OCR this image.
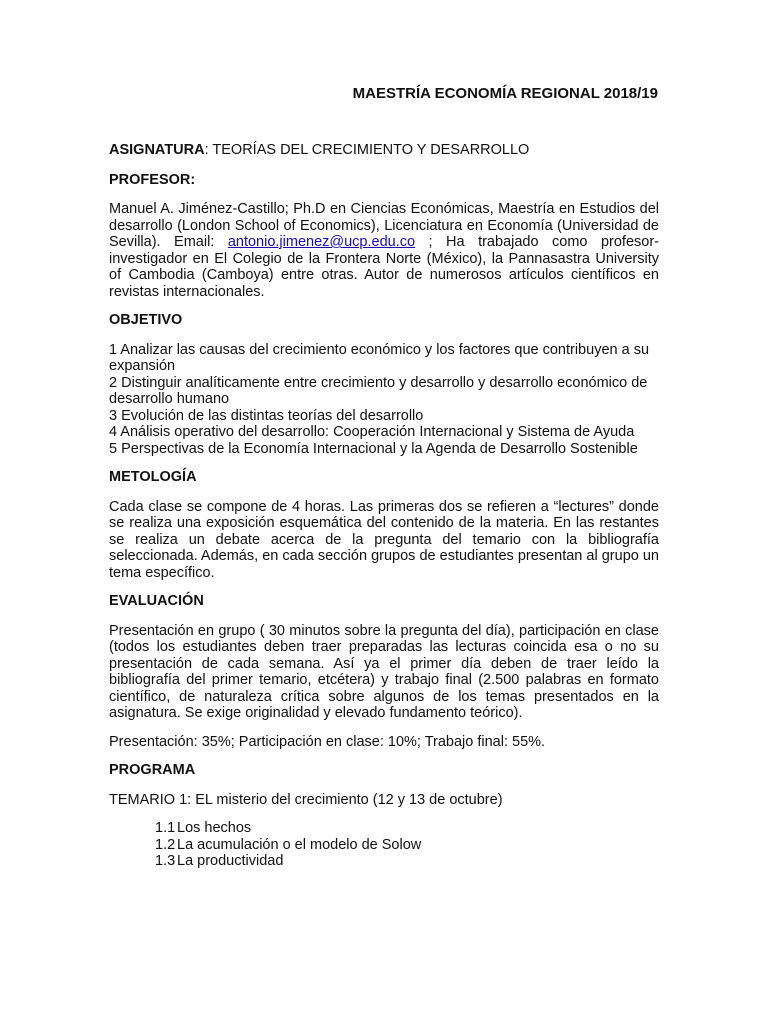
MAESTRÍA ECONOMÍA REGIONAL 2018/19

ASIGNATURA: TEORÍAS DEL CRECIMIENTO Y DESARROLLO

PROFESOR:

Manuel A. Jiménez-Castillo; Ph.D en Ciencias Económicas, Maestría en Estudios del desarrollo (London School of Economics), Licenciatura en Economía (Universidad de Sevilla). Email: antonio.jimenez@ucp.edu.co ; Ha trabajado como profesor-investigador en El Colegio de la Frontera Norte (México), la Pannasastra University of Cambodia (Camboya) entre otras. Autor de numerosos artículos científicos en revistas internacionales.

OBJETIVO

1 Analizar las causas del crecimiento económico y los factores que contribuyen a su expansión
2 Distinguir analíticamente entre crecimiento y desarrollo y desarrollo económico de desarrollo humano
3 Evolución de las distintas teorías del desarrollo
4 Análisis operativo del desarrollo: Cooperación Internacional y Sistema de Ayuda
5 Perspectivas de la Economía Internacional y la Agenda de Desarrollo Sostenible

METOLOGÍA

Cada clase se compone de 4 horas. Las primeras dos se refieren a “lectures” donde se realiza una exposición esquemática del contenido de la materia. En las restantes se realiza un debate acerca de la pregunta del temario con la bibliografía seleccionada. Además, en cada sección grupos de estudiantes presentan al grupo un tema específico.

EVALUACIÓN

Presentación en grupo ( 30 minutos sobre la pregunta del día), participación en clase (todos los estudiantes deben traer preparadas las lecturas coincida esa o no su presentación de cada semana. Así ya el primer día deben de traer leído la bibliografía del primer temario, etcétera) y trabajo final (2.500 palabras en formato científico, de naturaleza crítica sobre algunos de los temas presentados en la asignatura. Se exige originalidad y elevado fundamento teórico).

Presentación: 35%; Participación en clase: 10%; Trabajo final: 55%.

PROGRAMA

TEMARIO 1: EL misterio del crecimiento (12 y 13 de octubre)

1.1 Los hechos
1.2 La acumulación o el modelo de Solow
1.3 La productividad
